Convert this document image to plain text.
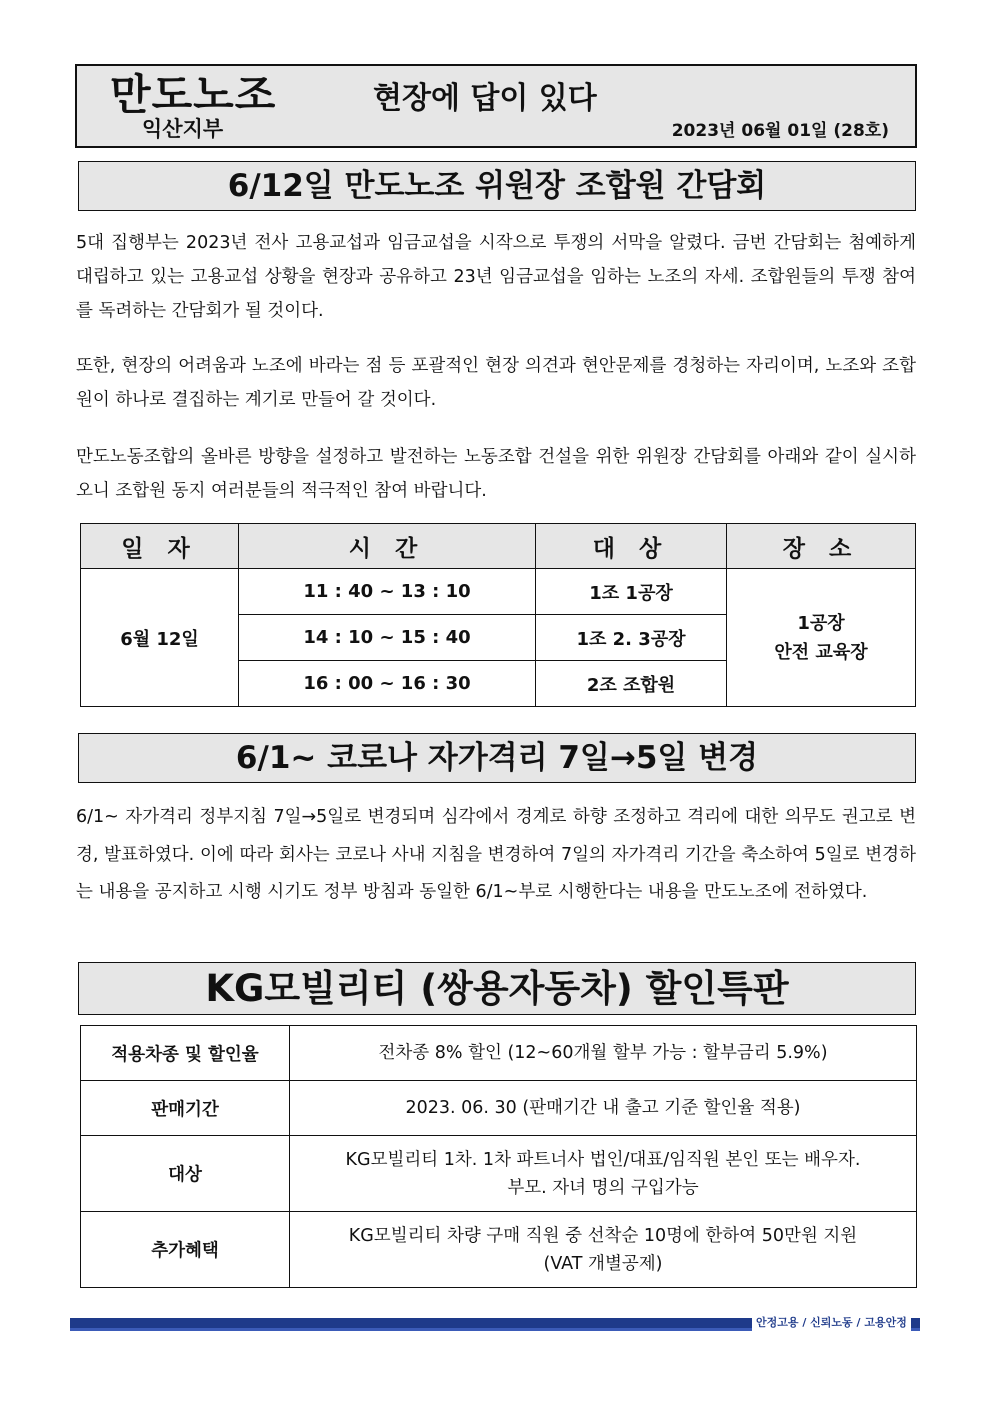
만도노조
익산지부
현장에 답이 있다
2023년 06월 01일 (28호)
6/12일 만도노조 위원장 조합원 간담회
5대 집행부는 2023년 전사 고용교섭과 임금교섭을 시작으로 투쟁의 서막을 알렸다. 금번 간담회는 첨예하게 대립하고 있는 고용교섭 상황을 현장과 공유하고 23년 임금교섭을 임하는 노조의 자세. 조합원들의 투쟁 참여를 독려하는 간담회가 될 것이다.
또한, 현장의 어려움과 노조에 바라는 점 등 포괄적인 현장 의견과 현안문제를 경청하는 자리이며, 노조와 조합원이 하나로 결집하는 계기로 만들어 갈 것이다.
만도노동조합의 올바른 방향을 설정하고 발전하는 노동조합 건설을 위한 위원장 간담회를 아래와 같이 실시하오니 조합원 동지 여러분들의 적극적인 참여 바랍니다.
일 자	시 간	대 상	장 소
6월 12일	11 : 40 ~ 13 : 10	1조 1공장	1공장
안전 교육장

	14 : 10 ~ 15 : 40	1조 2. 3공장	
	16 : 00 ~ 16 : 30	2조 조합원	
6/1~ 코로나 자가격리 7일→5일 변경
6/1~ 자가격리 정부지침 7일→5일로 변경되며 심각에서 경계로 하향 조정하고 격리에 대한 의무도 권고로 변경, 발표하였다. 이에 따라 회사는 코로나 사내 지침을 변경하여 7일의 자가격리 기간을 축소하여 5일로 변경하는 내용을 공지하고 시행 시기도 정부 방침과 동일한 6/1~부로 시행한다는 내용을 만도노조에 전하였다.
KG모빌리티 (쌍용자동차) 할인특판
적용차종 및 할인율	전차종 8% 할인 (12~60개월 할부 가능 : 할부금리 5.9%)

판매기간	2023. 06. 30 (판매기간 내 출고 기준 할인율 적용)

대상	KG모빌리티 1차. 1차 파트너사 법인/대표/임직원 본인 또는 배우자.
부모. 자녀 명의 구입가능

추가혜택	KG모빌리티 차량 구매 직원 중 선착순 10명에 한하여 50만원 지원
(VAT 개별공제)
안정고용 / 신뢰노동 / 고용안정
